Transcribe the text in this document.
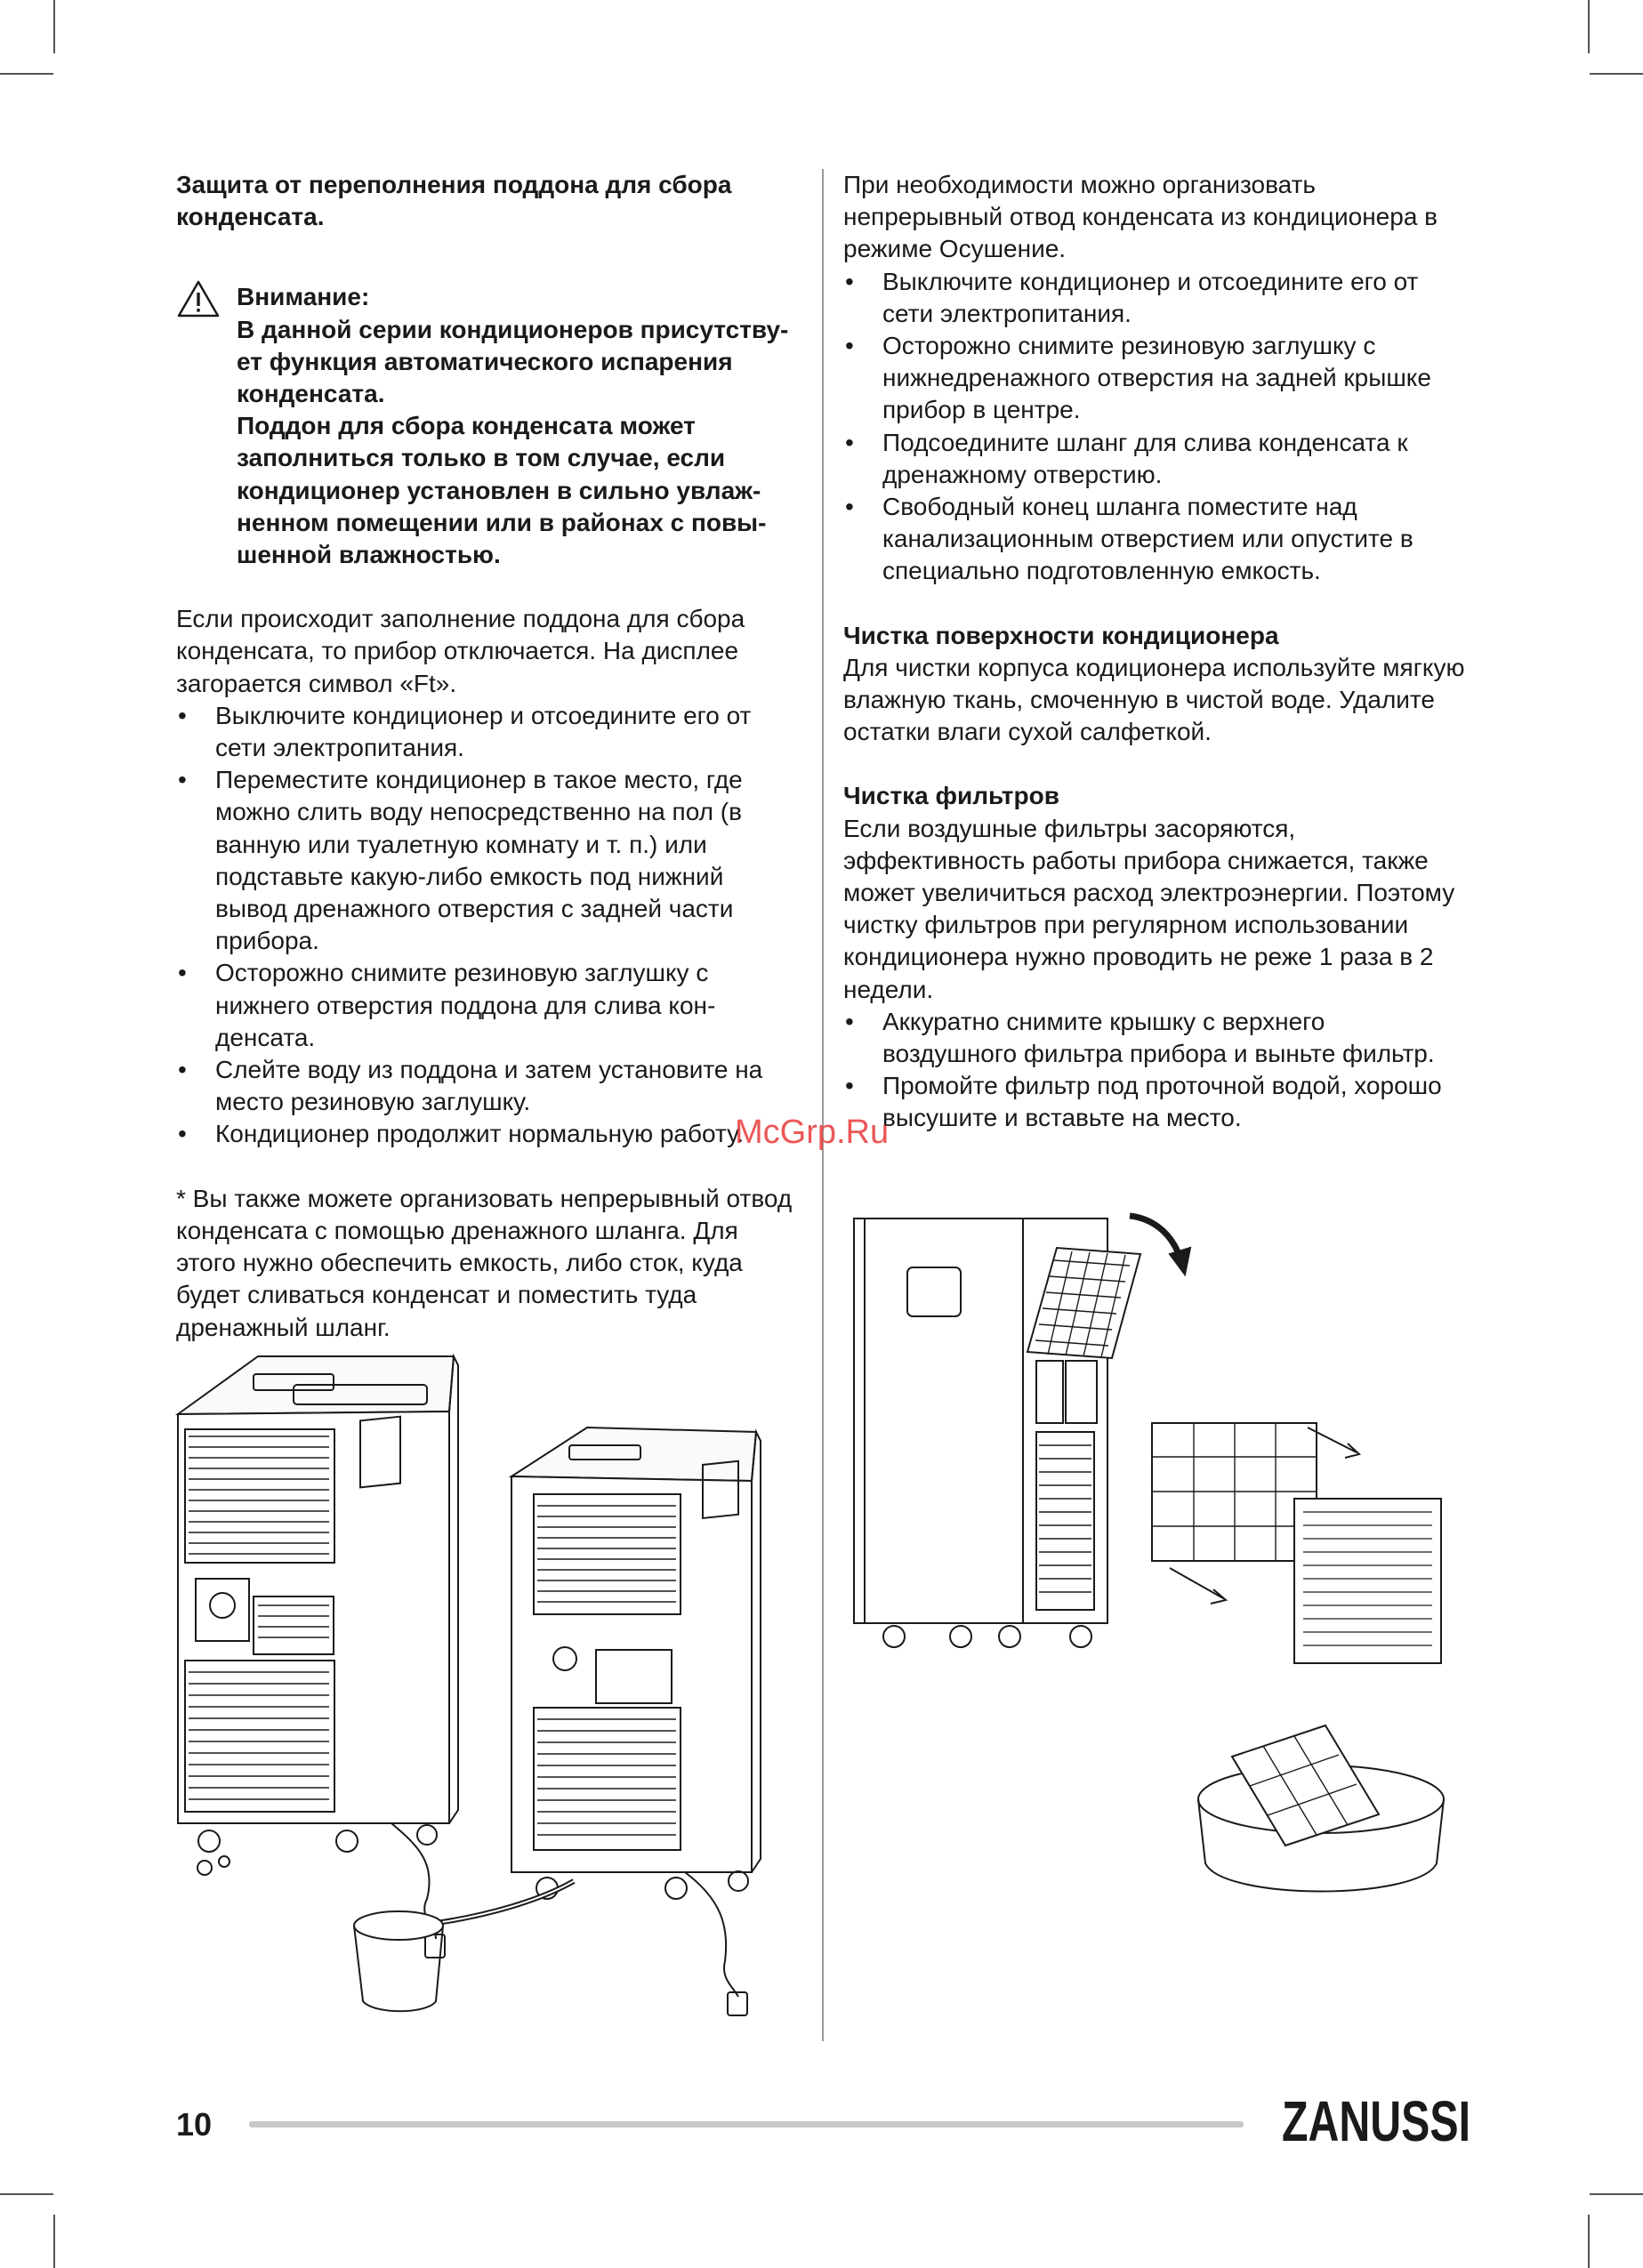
Защита от переполнения поддона для сбора конденсата.

Внимание:

В данной серии кондиционеров присутству-

ет функция автоматического испарения

конденсата.

Поддон для сбора конденсата может

заполниться только в том случае, если

кондиционер установлен в сильно увлаж-

ненном помещении или в районах с повы-

шенной влажностью.

Если происходит заполнение поддона для сбора конденсата, то прибор отключается. На дисплее загорается символ «Ft».

• Выключите кондиционер и отсоедините его от сети электропитания.
• Переместите кондиционер в такое место, где можно слить воду непосредственно на пол (в ванную или туалетную комнату и т. п.) или подставьте какую-либо емкость под нижний вывод дренажного отверстия с задней части прибора.
• Осторожно снимите резиновую заглушку с нижнего отверстия поддона для слива кон-денсата.
• Слейте воду из поддона и затем установите на место резиновую заглушку.
• Кондиционер продолжит нормальную работу.

* Вы также можете организовать непрерывный отвод конденсата с помощью дренажного шланга. Для этого нужно обеспечить емкость, либо сток, куда будет сливаться конденсат и поместить туда дренажный шланг.

При необходимости можно организовать непрерывный отвод конденсата из кондиционера в режиме Осушение.

• Выключите кондиционер и отсоедините его от сети электропитания.
• Осторожно снимите резиновую заглушку с нижнедренажного отверстия на задней крышке прибор в центре.
• Подсоедините шланг для слива конденсата к дренажному отверстию.
• Свободный конец шланга поместите над канализационным отверстием или опустите в специально подготовленную емкость.

Чистка поверхности кондиционера

Для чистки корпуса кодиционера используйте мягкую влажную ткань, смоченную в чистой воде. Удалите остатки влаги сухой салфеткой.

Чистка фильтров

Если воздушные фильтры засоряются, эффективность работы прибора снижается, также может увеличиться расход электроэнергии. Поэтому чистку фильтров при регулярном использовании кондиционера нужно проводить не реже 1 раза в 2 недели.

• Аккуратно снимите крышку с верхнего воздушного фильтра прибора и выньте фильтр.
• Промойте фильтр под проточной водой, хорошо высушите и вставьте на место.
McGrp.Ru
10	ZANUSSI
